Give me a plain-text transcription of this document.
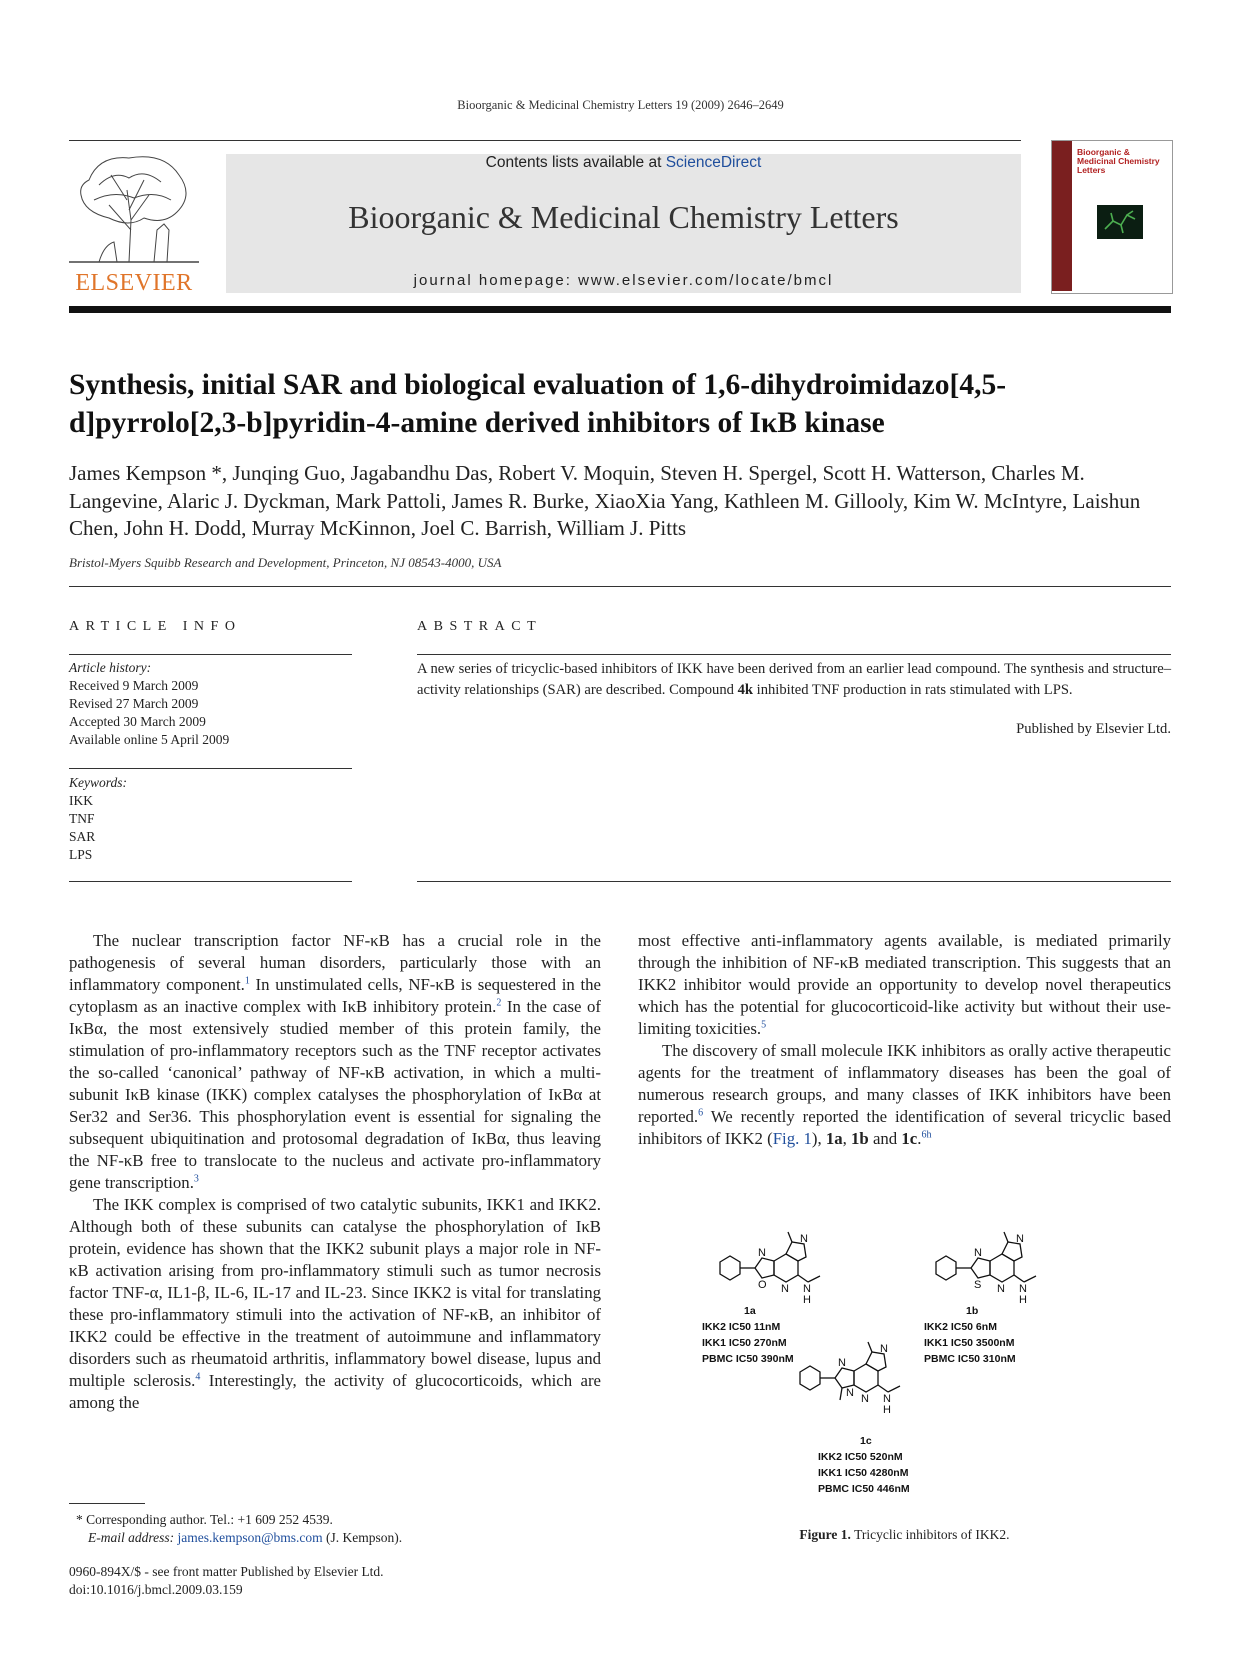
Bioorganic & Medicinal Chemistry Letters 19 (2009) 2646–2649
ELSEVIER
Contents lists available at ScienceDirect
Bioorganic & Medicinal Chemistry Letters
journal homepage: www.elsevier.com/locate/bmcl
Bioorganic & Medicinal Chemistry Letters
Synthesis, initial SAR and biological evaluation of 1,6-dihydroimidazo[4,5-d]pyrrolo[2,3-b]pyridin-4-amine derived inhibitors of IκB kinase
James Kempson *, Junqing Guo, Jagabandhu Das, Robert V. Moquin, Steven H. Spergel, Scott H. Watterson, Charles M. Langevine, Alaric J. Dyckman, Mark Pattoli, James R. Burke, XiaoXia Yang, Kathleen M. Gillooly, Kim W. McIntyre, Laishun Chen, John H. Dodd, Murray McKinnon, Joel C. Barrish, William J. Pitts
Bristol-Myers Squibb Research and Development, Princeton, NJ 08543-4000, USA
ARTICLE INFO	ABSTRACT
Article history:
Received 9 March 2009
Revised 27 March 2009
Accepted 30 March 2009
Available online 5 April 2009
Keywords:
IKK
TNF
SAR
LPS
A new series of tricyclic-based inhibitors of IKK have been derived from an earlier lead compound. The synthesis and structure–activity relationships (SAR) are described. Compound 4k inhibited TNF production in rats stimulated with LPS.
Published by Elsevier Ltd.

The nuclear transcription factor NF-κB has a crucial role in the pathogenesis of several human disorders, particularly those with an inflammatory component.$^1$ In unstimulated cells, NF-κB is sequestered in the cytoplasm as an inactive complex with IκB inhibitory protein.$^2$ In the case of IκBα, the most extensively studied member of this protein family, the stimulation of pro-inflammatory receptors such as the TNF receptor activates the so-called ‘canonical’ pathway of NF-κB activation, in which a multi-subunit IκB kinase (IKK) complex catalyses the phosphorylation of IκBα at Ser32 and Ser36. This phosphorylation event is essential for signaling the subsequent ubiquitination and protosomal degradation of IκBα, thus leaving the NF-κB free to translocate to the nucleus and activate pro-inflammatory gene transcription.$^3$

The IKK complex is comprised of two catalytic subunits, IKK1 and IKK2. Although both of these subunits can catalyse the phosphorylation of IκB protein, evidence has shown that the IKK2 subunit plays a major role in NF-κB activation arising from pro-inflammatory stimuli such as tumor necrosis factor TNF-α, IL1-β, IL-6, IL-17 and IL-23. Since IKK2 is vital for translating these pro-inflammatory stimuli into the activation of NF-κB, an inhibitor of IKK2 could be effective in the treatment of autoimmune and inflammatory disorders such as rheumatoid arthritis, inflammatory bowel disease, lupus and multiple sclerosis.$^4$ Interestingly, the activity of glucocorticoids, which are among the

most effective anti-inflammatory agents available, is mediated primarily through the inhibition of NF-κB mediated transcription. This suggests that an IKK2 inhibitor would provide an opportunity to develop novel therapeutics which has the potential for glucocorticoid-like activity but without their use-limiting toxicities.$^5$

The discovery of small molecule IKK inhibitors as orally active therapeutic agents for the treatment of inflammatory diseases has been the goal of numerous research groups, and many classes of IKK inhibitors have been reported.$^6$ We recently reported the identification of several tricyclic based inhibitors of IKK2 (Fig. 1), 1a, 1b and 1c.$^{6h}$

N
O N
N
N
H
N
S N
N
N
H
N
N N
N
N
H
1a
IKK2 IC50 11nM
IKK1 IC50 270nM
PBMC IC50 390nM
1b
IKK2 IC50 6nM
IKK1 IC50 3500nM
PBMC IC50 310nM
1c
IKK2 IC50 520nM
IKK1 IC50 4280nM
PBMC IC50 446nM
Figure 1. Tricyclic inhibitors of IKK2.
* Corresponding author. Tel.: +1 609 252 4539.
E-mail address: james.kempson@bms.com (J. Kempson).
0960-894X/$ - see front matter Published by Elsevier Ltd.
doi:10.1016/j.bmcl.2009.03.159
